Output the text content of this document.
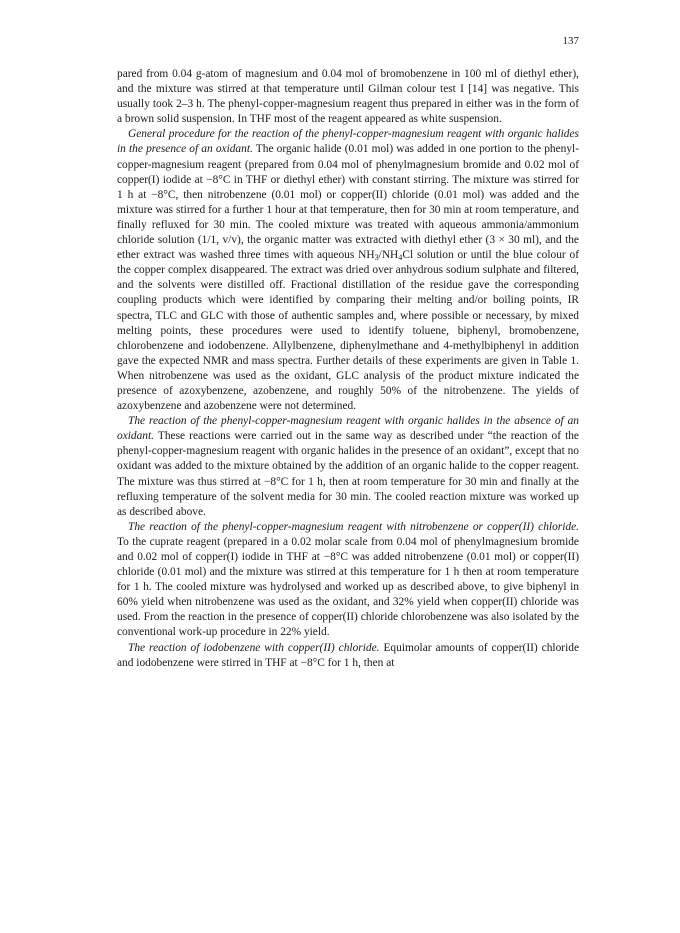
137

pared from 0.04 g-atom of magnesium and 0.04 mol of bromobenzene in 100 ml of diethyl ether), and the mixture was stirred at that temperature until Gilman colour test I [14] was negative. This usually took 2–3 h. The phenyl-copper-magnesium reagent thus prepared in either was in the form of a brown solid suspension. In THF most of the reagent appeared as white suspension.

General procedure for the reaction of the phenyl-copper-magnesium reagent with organic halides in the presence of an oxidant. The organic halide (0.01 mol) was added in one portion to the phenyl-copper-magnesium reagent (prepared from 0.04 mol of phenylmagnesium bromide and 0.02 mol of copper(I) iodide at −8°C in THF or diethyl ether) with constant stirring. The mixture was stirred for 1 h at −8°C, then nitrobenzene (0.01 mol) or copper(II) chloride (0.01 mol) was added and the mixture was stirred for a further 1 hour at that temperature, then for 30 min at room temperature, and finally refluxed for 30 min. The cooled mixture was treated with aqueous ammonia/ammonium chloride solution (1/1, v/v), the organic matter was extracted with diethyl ether (3 × 30 ml), and the ether extract was washed three times with aqueous $NH_3/NH_4Cl$ solution or until the blue colour of the copper complex disappeared. The extract was dried over anhydrous sodium sulphate and filtered, and the solvents were distilled off. Fractional distillation of the residue gave the corresponding coupling products which were identified by comparing their melting and/or boiling points, IR spectra, TLC and GLC with those of authentic samples and, where possible or necessary, by mixed melting points, these procedures were used to identify toluene, biphenyl, bromobenzene, chlorobenzene and iodobenzene. Allylbenzene, diphenylmethane and 4-methylbiphenyl in addition gave the expected NMR and mass spectra. Further details of these experiments are given in Table 1. When nitrobenzene was used as the oxidant, GLC analysis of the product mixture indicated the presence of azoxybenzene, azobenzene, and roughly 50% of the nitrobenzene. The yields of azoxybenzene and azobenzene were not determined.

The reaction of the phenyl-copper-magnesium reagent with organic halides in the absence of an oxidant. These reactions were carried out in the same way as described under “the reaction of the phenyl-copper-magnesium reagent with organic halides in the presence of an oxidant”, except that no oxidant was added to the mixture obtained by the addition of an organic halide to the copper reagent. The mixture was thus stirred at −8°C for 1 h, then at room temperature for 30 min and finally at the refluxing temperature of the solvent media for 30 min. The cooled reaction mixture was worked up as described above.

The reaction of the phenyl-copper-magnesium reagent with nitrobenzene or copper(II) chloride. To the cuprate reagent (prepared in a 0.02 molar scale from 0.04 mol of phenylmagnesium bromide and 0.02 mol of copper(I) iodide in THF at −8°C was added nitrobenzene (0.01 mol) or copper(II) chloride (0.01 mol) and the mixture was stirred at this temperature for 1 h then at room temperature for 1 h. The cooled mixture was hydrolysed and worked up as described above, to give biphenyl in 60% yield when nitrobenzene was used as the oxidant, and 32% yield when copper(II) chloride was used. From the reaction in the presence of copper(II) chloride chlorobenzene was also isolated by the conventional work-up procedure in 22% yield.

The reaction of iodobenzene with copper(II) chloride. Equimolar amounts of copper(II) chloride and iodobenzene were stirred in THF at −8°C for 1 h, then at
